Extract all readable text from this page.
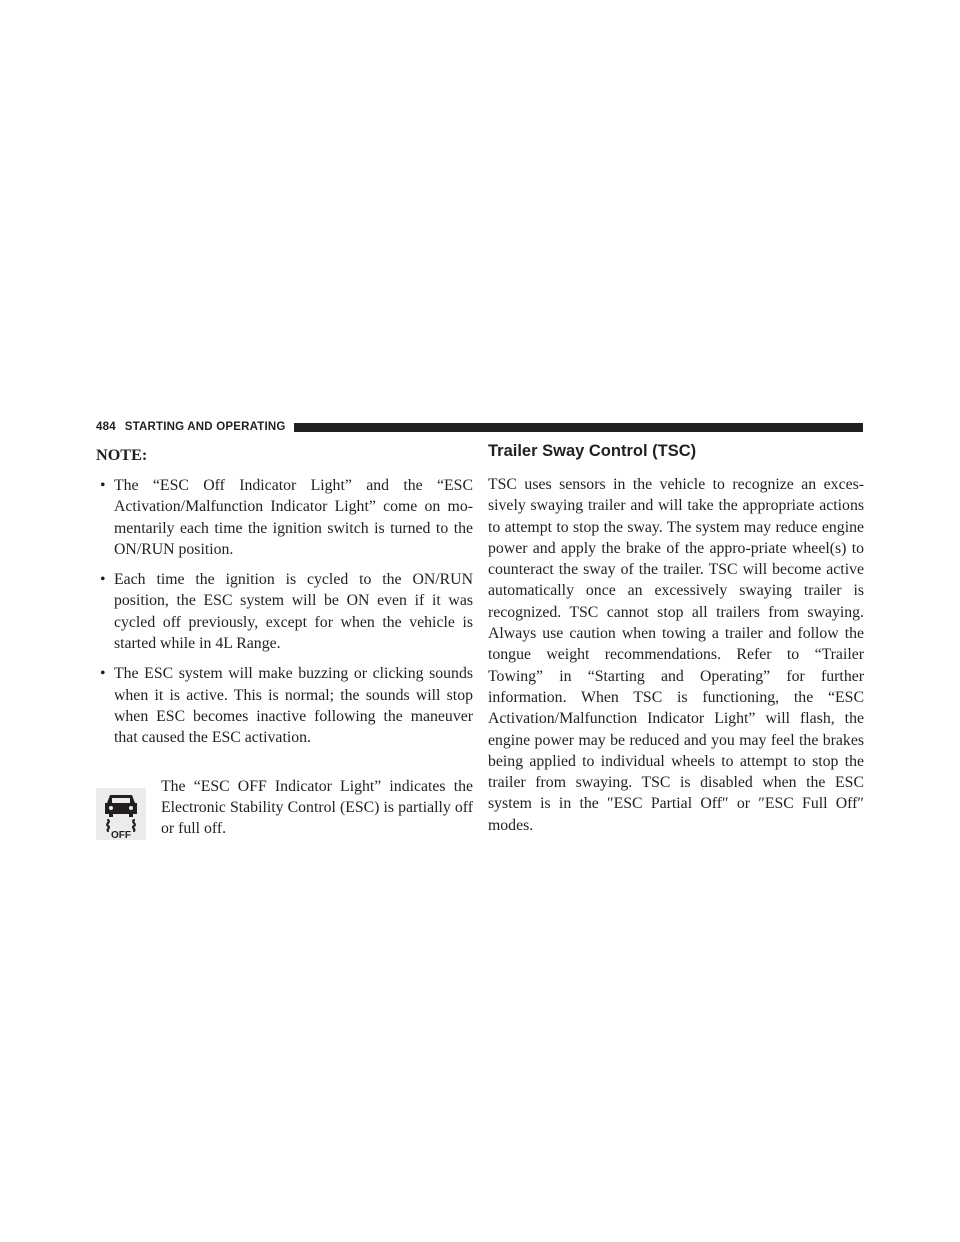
484 STARTING AND OPERATING
NOTE:
• The “ESC Off Indicator Light” and the “ESC Activation/Malfunction Indicator Light” come on mo-mentarily each time the ignition switch is turned to the ON/RUN position.
• Each time the ignition is cycled to the ON/RUN position, the ESC system will be ON even if it was cycled off previously, except for when the vehicle is started while in 4L Range.
• The ESC system will make buzzing or clicking sounds when it is active. This is normal; the sounds will stop when ESC becomes inactive following the maneuver that caused the ESC activation.
OFF
The “ESC OFF Indicator Light” indicates the Electronic Stability Control (ESC) is partially off or full off.
Trailer Sway Control (TSC)

TSC uses sensors in the vehicle to recognize an exces-sively swaying trailer and will take the appropriate actions to attempt to stop the sway. The system may reduce engine power and apply the brake of the appro-priate wheel(s) to counteract the sway of the trailer. TSC will become active automatically once an excessively swaying trailer is recognized. TSC cannot stop all trailers from swaying. Always use caution when towing a trailer and follow the tongue weight recommendations. Refer to “Trailer Towing” in “Starting and Operating” for further information. When TSC is functioning, the “ESC Activation/Malfunction Indicator Light” will flash, the engine power may be reduced and you may feel the brakes being applied to individual wheels to attempt to stop the trailer from swaying. TSC is disabled when the ESC system is in the ″ESC Partial Off″ or ″ESC Full Off″ modes.
